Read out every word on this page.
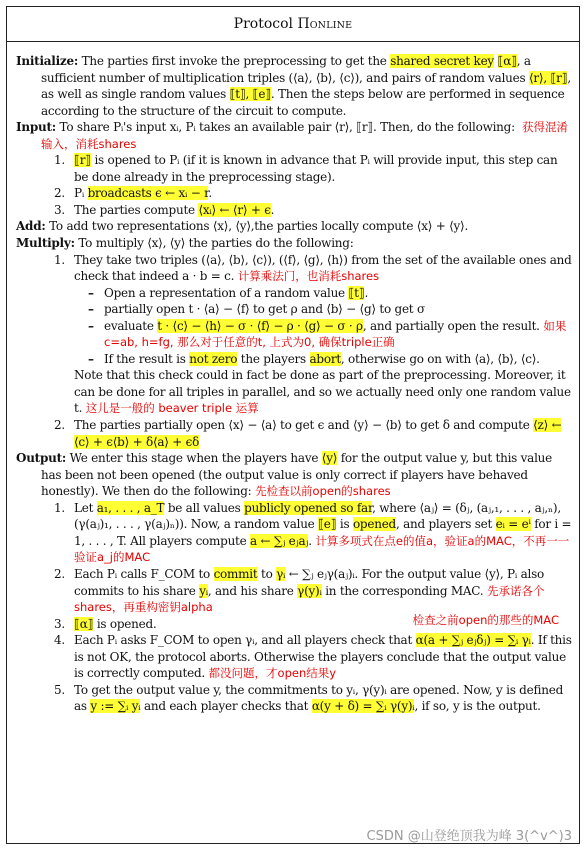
Protocol ΠONLINE

Initialize: The parties first invoke the preprocessing to get the shared secret key ⟦α⟧, a sufficient number of multiplication triples (⟨a⟩, ⟨b⟩, ⟨c⟩), and pairs of random values ⟨r⟩, ⟦r⟧, as well as single random values ⟦t⟧, ⟦e⟧. Then the steps below are performed in sequence according to the structure of the circuit to compute.

Input: To share Pᵢ's input xᵢ, Pᵢ takes an available pair ⟨r⟩, ⟦r⟧. Then, do the following: 获得混淆输入，消耗shares

1. ⟦r⟧ is opened to Pᵢ (if it is known in advance that Pᵢ will provide input, this step can be done already in the preprocessing stage).
2. Pᵢ broadcasts ϵ ← xᵢ − r.
3. The parties compute ⟨xᵢ⟩ ← ⟨r⟩ + ϵ.

Add: To add two representations ⟨x⟩, ⟨y⟩,the parties locally compute ⟨x⟩ + ⟨y⟩.

Multiply: To multiply ⟨x⟩, ⟨y⟩ the parties do the following:

1. They take two triples (⟨a⟩, ⟨b⟩, ⟨c⟩), (⟨f⟩, ⟨g⟩, ⟨h⟩) from the set of the available ones and check that indeed a · b = c. 计算乘法门，也消耗shares
– Open a representation of a random value ⟦t⟧.
– partially open t · ⟨a⟩ − ⟨f⟩ to get ρ and ⟨b⟩ − ⟨g⟩ to get σ
– evaluate t · ⟨c⟩ − ⟨h⟩ − σ · ⟨f⟩ − ρ · ⟨g⟩ − σ · ρ, and partially open the result. 如果c=ab, h=fg, 那么对于任意的t, 上式为0, 确保triple正确
– If the result is not zero the players abort, otherwise go on with ⟨a⟩, ⟨b⟩, ⟨c⟩.

Note that this check could in fact be done as part of the preprocessing. Moreover, it can be done for all triples in parallel, and so we actually need only one random value t. 这儿是一般的 beaver triple 运算

2. The parties partially open ⟨x⟩ − ⟨a⟩ to get ϵ and ⟨y⟩ − ⟨b⟩ to get δ and compute ⟨z⟩ ← ⟨c⟩ + ϵ⟨b⟩ + δ⟨a⟩ + ϵδ

Output: We enter this stage when the players have ⟨y⟩ for the output value y, but this value has been not been opened (the output value is only correct if players have behaved honestly). We then do the following: 先检查以前open的shares

1. Let a₁, . . . , a_T be all values publicly opened so far, where ⟨aⱼ⟩ = (δⱼ, (aⱼ,₁, . . . , aⱼ,ₙ), (γ(aⱼ)₁, . . . , γ(aⱼ)ₙ)). Now, a random value ⟦e⟧ is opened, and players set eᵢ = eⁱ for i = 1, . . . , T. All players compute a ← ∑ⱼ eⱼaⱼ. 计算多项式在点e的值a，验证a的MAC，不再一一验证a_j的MAC
2. Each Pᵢ calls F_COM to commit to γᵢ ← ∑ⱼ eⱼγ(aⱼ)ᵢ. For the output value ⟨y⟩, Pᵢ also commits to his share yᵢ, and his share γ(y)ᵢ in the corresponding MAC. 先承诺各个shares，再重构密钥alpha
3. ⟦α⟧ is opened.	检查之前open的那些的MAC
4. Each Pᵢ asks F_COM to open γᵢ, and all players check that α(a + ∑ⱼ eⱼδⱼ) = ∑ᵢ γᵢ. If this is not OK, the protocol aborts. Otherwise the players conclude that the output value is correctly computed. 都没问题，才open结果y
5. To get the output value y, the commitments to yᵢ, γ(y)ᵢ are opened. Now, y is defined as y := ∑ᵢ yᵢ and each player checks that α(y + δ) = ∑ᵢ γ(y)ᵢ, if so, y is the output.
CSDN @山登绝顶我为峰 3(^v^)3
